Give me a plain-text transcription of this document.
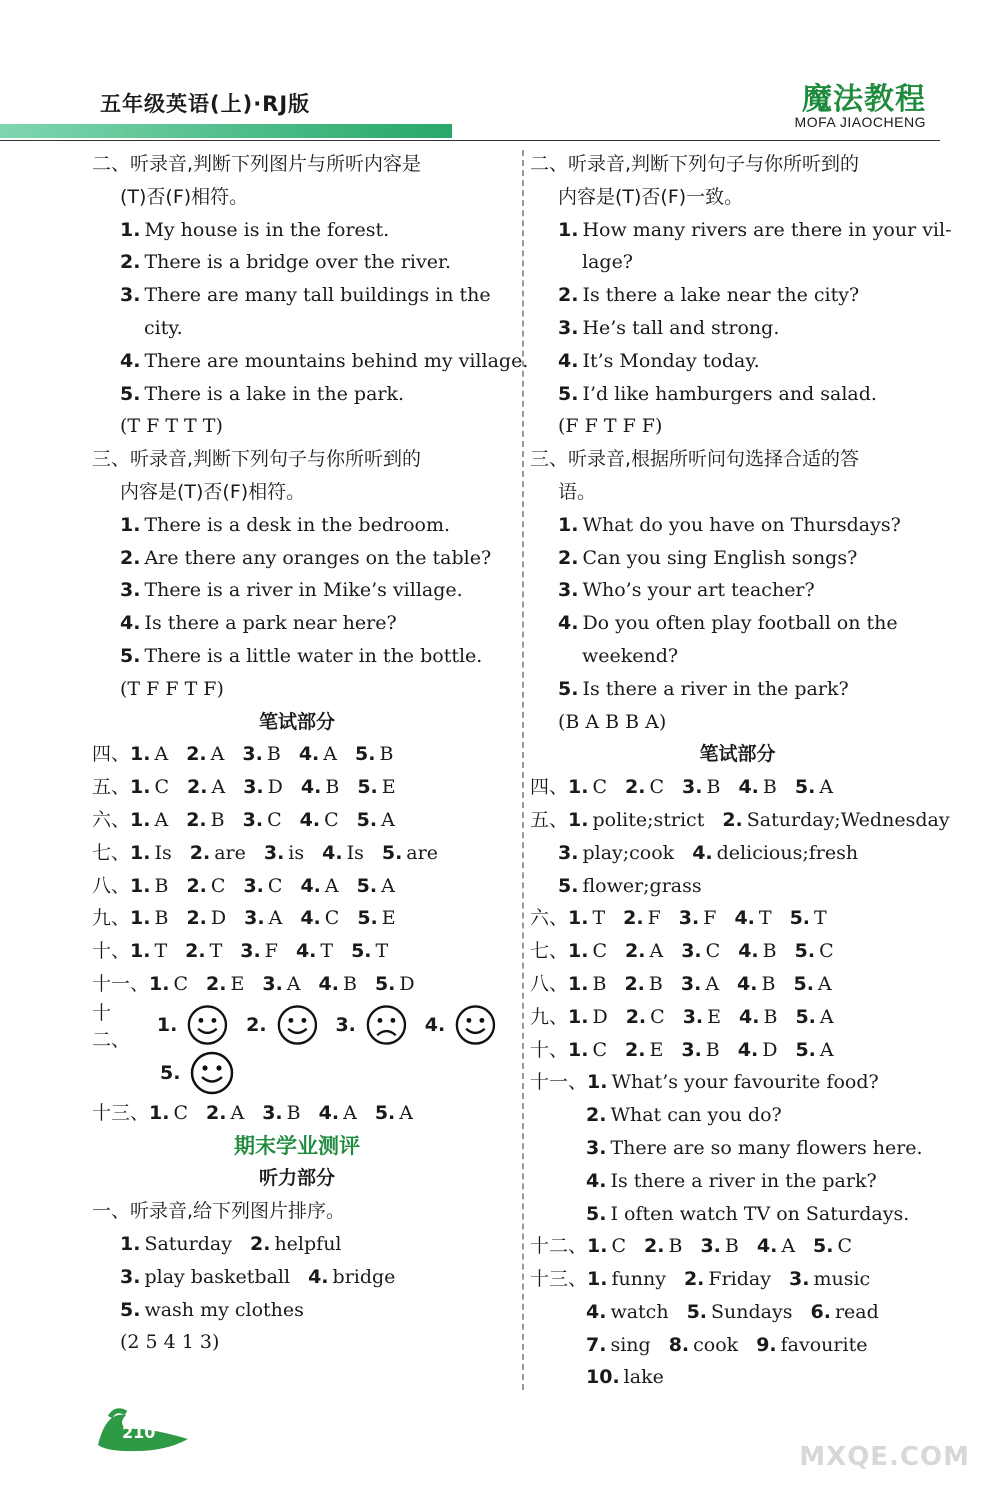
五年级英语(上)·RJ版	魔法教程
MOFA JIAOCHENG
二、听录音,判断下列图片与所听内容是
(T)否(F)相符。
1. My house is in the forest.
2. There is a bridge over the river.
3. There are many tall buildings in the
city.
4. There are mountains behind my village.
5. There is a lake in the park.
(T F T T T)
三、听录音,判断下列句子与你所听到的
内容是(T)否(F)相符。
1. There is a desk in the bedroom.
2. Are there any oranges on the table?
3. There is a river in Mike’s village.
4. Is there a park near here?
5. There is a little water in the bottle.
(T F F T F)
笔试部分
四、1. A 2. A 3. B 4. A 5. B
五、1. C 2. A 3. D 4. B 5. E
六、1. A 2. B 3. C 4. C 5. A
七、1. Is 2. are 3. is 4. Is 5. are
八、1. B 2. C 3. C 4. A 5. A
九、1. B 2. D 3. A 4. C 5. E
十、1. T 2. T 3. F 4. T 5. T
十一、1. C 2. E 3. A 4. B 5. D
十二、
1.	2.	3.	4.
5.
十三、1. C 2. A 3. B 4. A 5. A
期末学业测评
听力部分
一、听录音,给下列图片排序。
1. Saturday 2. helpful
3. play basketball 4. bridge
5. wash my clothes
(2 5 4 1 3)
二、听录音,判断下列句子与你所听到的
内容是(T)否(F)一致。
1. How many rivers are there in your vil-
lage?
2. Is there a lake near the city?
3. He’s tall and strong.
4. It’s Monday today.
5. I’d like hamburgers and salad.
(F F T F F)
三、听录音,根据所听问句选择合适的答
语。
1. What do you have on Thursdays?
2. Can you sing English songs?
3. Who’s your art teacher?
4. Do you often play football on the
weekend?
5. Is there a river in the park?
(B A B B A)
笔试部分
四、1. C 2. C 3. B 4. B 5. A
五、1. polite;strict 2. Saturday;Wednesday
3. play;cook 4. delicious;fresh
5. flower;grass
六、1. T 2. F 3. F 4. T 5. T
七、1. C 2. A 3. C 4. B 5. C
八、1. B 2. B 3. A 4. B 5. A
九、1. D 2. C 3. E 4. B 5. A
十、1. C 2. E 3. B 4. D 5. A
十一、1. What’s your favourite food?
2. What can you do?
3. There are so many flowers here.
4. Is there a river in the park?
5. I often watch TV on Saturdays.
十二、1. C 2. B 3. B 4. A 5. C
十三、1. funny 2. Friday 3. music
4. watch 5. Sundays 6. read
7. sing 8. cook 9. favourite
10. lake
210
MXQE.COM
